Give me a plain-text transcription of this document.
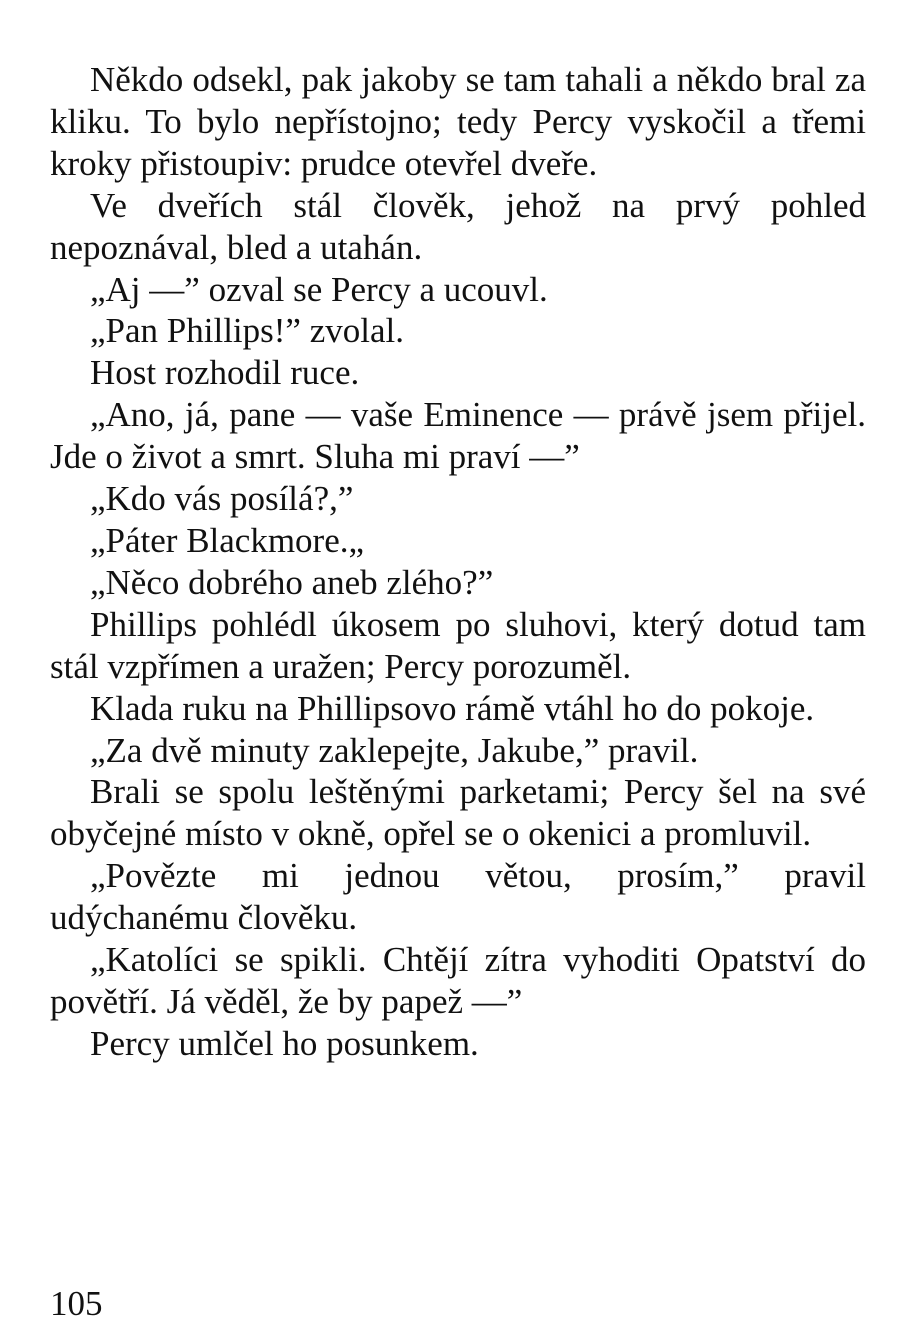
Někdo odsekl, pak jakoby se tam tahali a někdo bral za kliku. To bylo nepřístojno; tedy Percy vyskočil a třemi kroky přistoupiv: prudce otevřel dveře.

Ve dveřích stál člověk, jehož na prvý pohled nepoznával, bled a utahán.

„Aj —” ozval se Percy a ucouvl.

„Pan Phillips!” zvolal.

Host rozhodil ruce.

„Ano, já, pane — vaše Eminence — právě jsem přijel. Jde o život a smrt. Sluha mi praví —”

„Kdo vás posílá?,”

„Páter Blackmore.„

„Něco dobrého aneb zlého?”

Phillips pohlédl úkosem po sluhovi, který dotud tam stál vzpřímen a uražen; Percy porozuměl.

Klada ruku na Phillipsovo rámě vtáhl ho do pokoje.

„Za dvě minuty zaklepejte, Jakube,” pravil.

Brali se spolu leštěnými parketami; Percy šel na své obyčejné místo v okně, opřel se o okenici a promluvil.

„Povězte mi jednou větou, prosím,” pravil udýchanému člověku.

„Katolíci se spikli. Chtějí zítra vyhoditi Opatství do povětří. Já věděl, že by papež —”

Percy umlčel ho posunkem.

105
